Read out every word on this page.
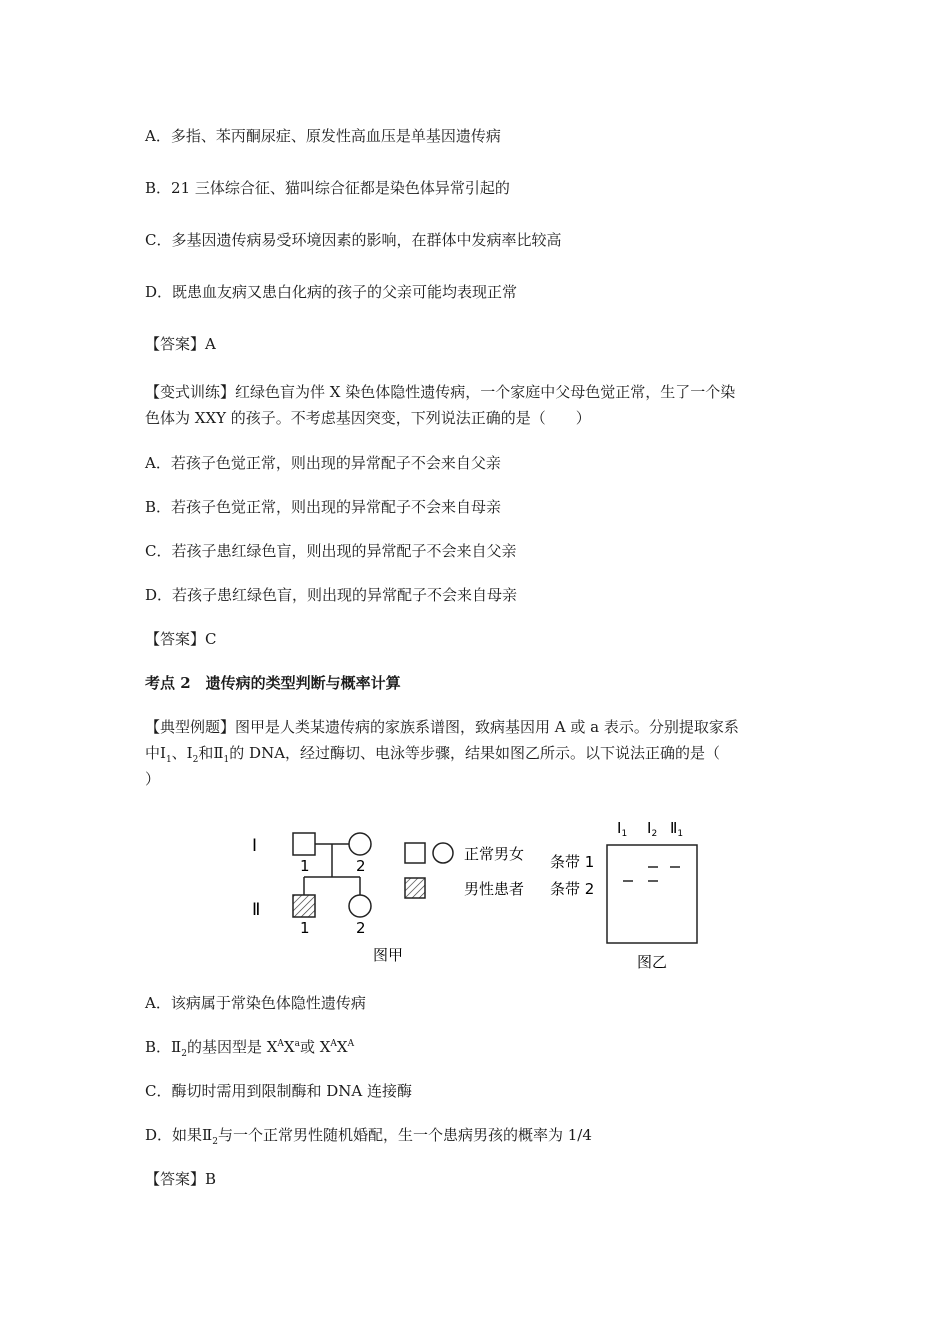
A．多指、苯丙酮尿症、原发性高血压是单基因遗传病
B．21 三体综合征、猫叫综合征都是染色体异常引起的
C．多基因遗传病易受环境因素的影响，在群体中发病率比较高
D．既患血友病又患白化病的孩子的父亲可能均表现正常
【答案】A
【变式训练】红绿色盲为伴 X 染色体隐性遗传病，一个家庭中父母色觉正常，生了一个染
色体为 XXY 的孩子。不考虑基因突变，下列说法正确的是（　　）
A．若孩子色觉正常，则出现的异常配子不会来自父亲
B．若孩子色觉正常，则出现的异常配子不会来自母亲
C．若孩子患红绿色盲，则出现的异常配子不会来自父亲
D．若孩子患红绿色盲，则出现的异常配子不会来自母亲
【答案】C
考点 2　遗传病的类型判断与概率计算
【典型例题】图甲是人类某遗传病的家族系谱图，致病基因用 A 或 a 表示。分别提取家系
中$Ⅰ_1$、$Ⅰ_2$和$Ⅱ_1$的 DNA，经过酶切、电泳等步骤，结果如图乙所示。以下说法正确的是（
）
Ⅰ
Ⅱ
1	2
1	2
图甲
正常男女
男性患者
条带 1
条带 2
$Ⅰ_1$ $Ⅰ_2$ $Ⅱ_1$
图乙
A．该病属于常染色体隐性遗传病
B．$Ⅱ_2$的基因型是 $X^AX^a$或 $X^AX^A$
C．酶切时需用到限制酶和 DNA 连接酶
D．如果$Ⅱ_2$与一个正常男性随机婚配，生一个患病男孩的概率为 1/4
【答案】B
